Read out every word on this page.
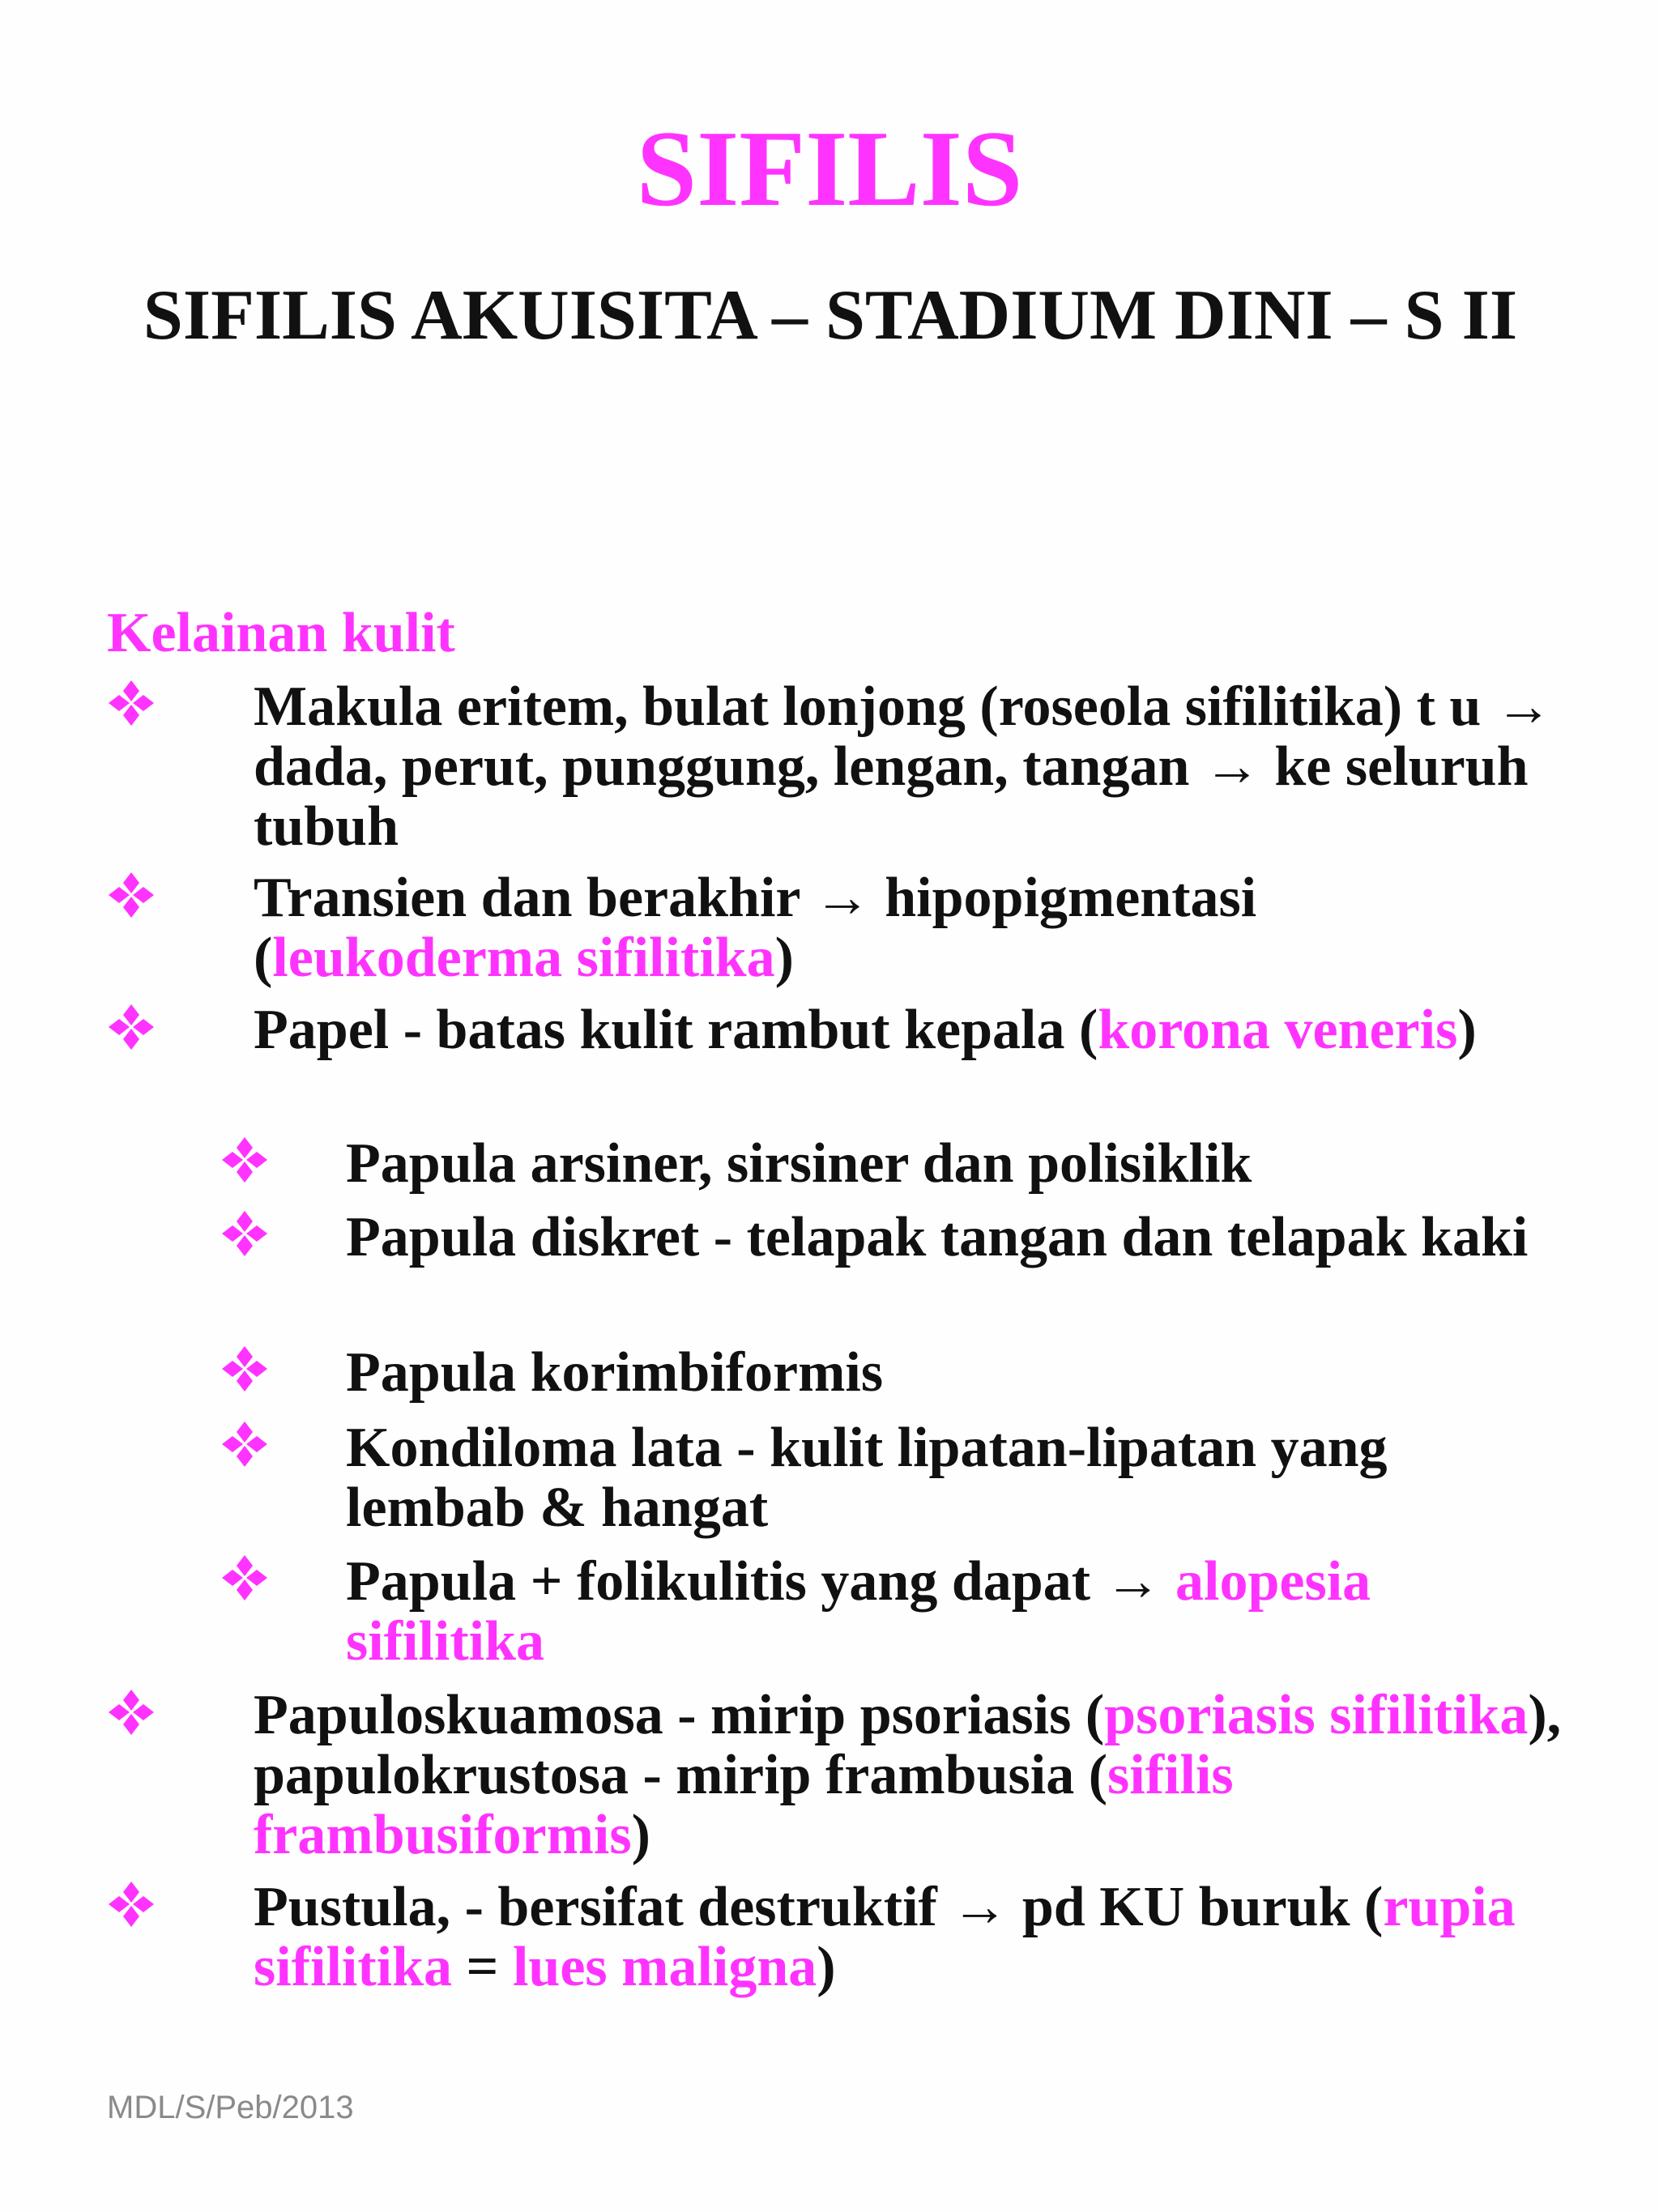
SIFILIS
SIFILIS AKUISITA – STADIUM DINI – S II
Kelainan kulit
Makula eritem, bulat lonjong (roseola sifilitika) t u → dada, perut, punggung, lengan, tangan → ke seluruh tubuh
Transien dan berakhir → hipopigmentasi (leukoderma sifilitika)
Papel - batas kulit rambut kepala (korona veneris)
Papula arsiner, sirsiner dan polisiklik
Papula diskret - telapak tangan dan telapak kaki
Papula korimbiformis
Kondiloma lata - kulit lipatan-lipatan yang lembab & hangat
Papula + folikulitis yang dapat → alopesia sifilitika
Papuloskuamosa - mirip psoriasis (psoriasis sifilitika), papulokrustosa - mirip frambusia (sifilis frambusiformis)
Pustula, - bersifat destruktif → pd KU buruk (rupia sifilitika = lues maligna)
MDL/S/Peb/2013
